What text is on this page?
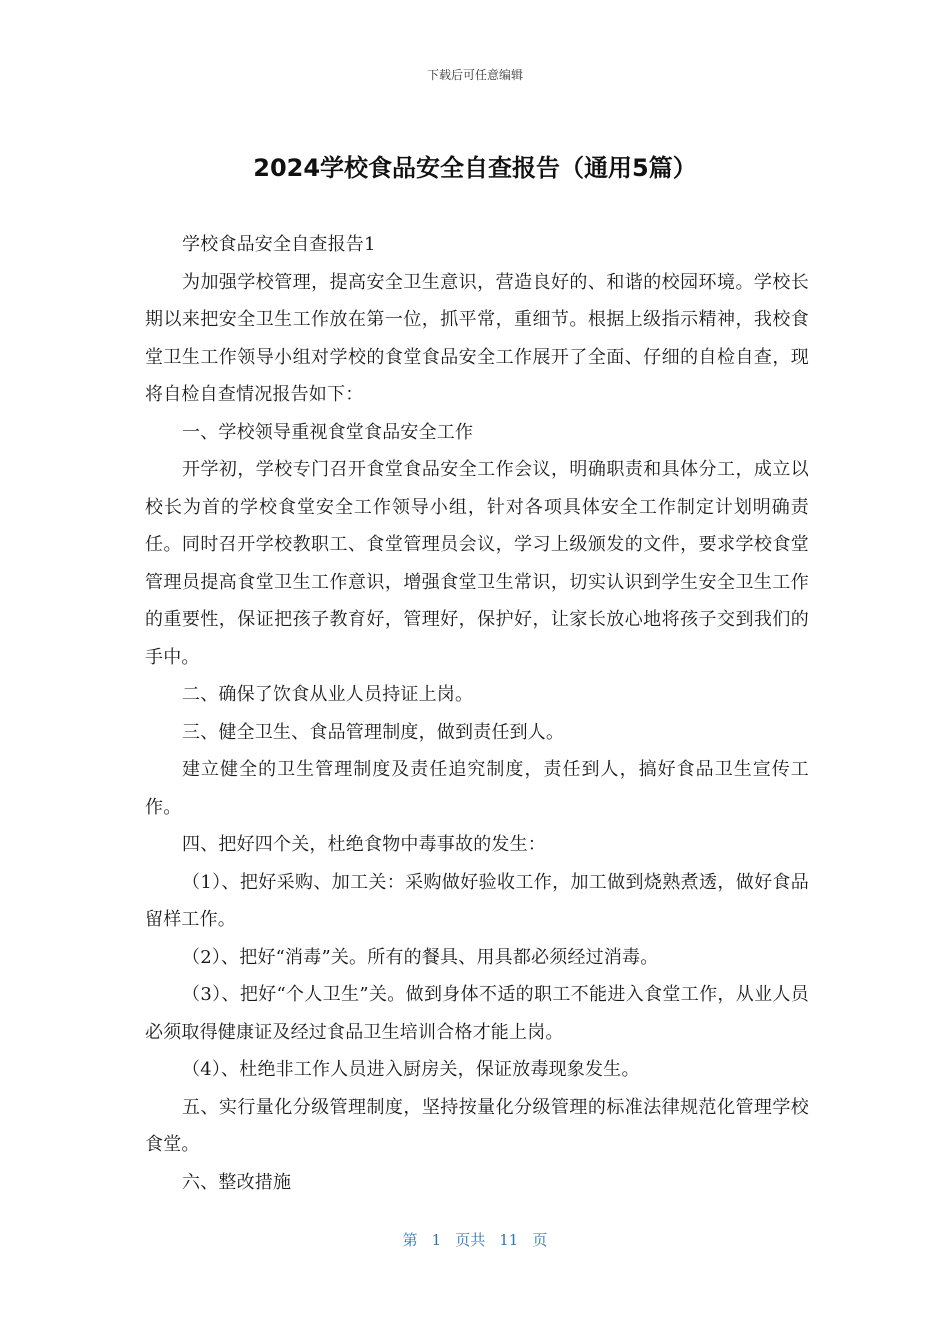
下载后可任意编辑
2024学校食品安全自查报告（通用5篇）

学校食品安全自查报告1

为加强学校管理，提高安全卫生意识，营造良好的、和谐的校园环境。学校长期以来把安全卫生工作放在第一位，抓平常，重细节。根据上级指示精神，我校食堂卫生工作领导小组对学校的食堂食品安全工作展开了全面、仔细的自检自查，现将自检自查情况报告如下：

一、学校领导重视食堂食品安全工作

开学初，学校专门召开食堂食品安全工作会议，明确职责和具体分工，成立以校长为首的学校食堂安全工作领导小组，针对各项具体安全工作制定计划明确责任。同时召开学校教职工、食堂管理员会议，学习上级颁发的文件，要求学校食堂管理员提高食堂卫生工作意识，增强食堂卫生常识，切实认识到学生安全卫生工作的重要性，保证把孩子教育好，管理好，保护好，让家长放心地将孩子交到我们的手中。

二、确保了饮食从业人员持证上岗。

三、健全卫生、食品管理制度，做到责任到人。

建立健全的卫生管理制度及责任追究制度，责任到人，搞好食品卫生宣传工作。

四、把好四个关，杜绝食物中毒事故的发生：

（1）、把好采购、加工关：采购做好验收工作，加工做到烧熟煮透，做好食品留样工作。

（2）、把好“消毒”关。所有的餐具、用具都必须经过消毒。

（3）、把好“个人卫生”关。做到身体不适的职工不能进入食堂工作，从业人员必须取得健康证及经过食品卫生培训合格才能上岗。

（4）、杜绝非工作人员进入厨房关，保证放毒现象发生。

五、实行量化分级管理制度，坚持按量化分级管理的标准法律规范化管理学校食堂。

六、整改措施

第 1 页共 11 页
